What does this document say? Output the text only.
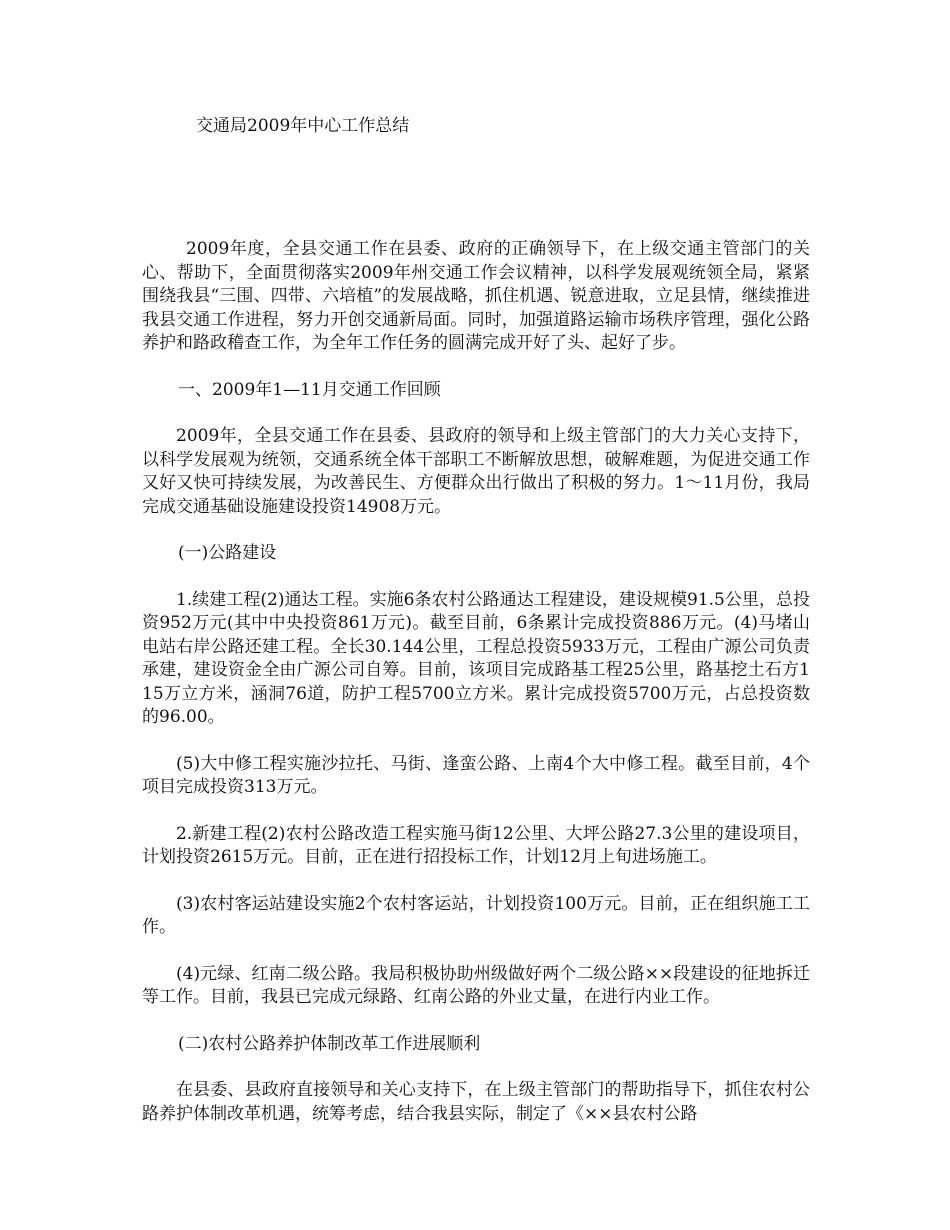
交通局2009年中心工作总结

2009年度，全县交通工作在县委、政府的正确领导下，在上级交通主管部门的关心、帮助下，全面贯彻落实2009年州交通工作会议精神，以科学发展观统领全局，紧紧围绕我县“三围、四带、六培植”的发展战略，抓住机遇、锐意进取，立足县情，继续推进我县交通工作进程，努力开创交通新局面。同时，加强道路运输市场秩序管理，强化公路养护和路政稽查工作，为全年工作任务的圆满完成开好了头、起好了步。

一、2009年1—11月交通工作回顾

2009年，全县交通工作在县委、县政府的领导和上级主管部门的大力关心支持下，以科学发展观为统领，交通系统全体干部职工不断解放思想，破解难题，为促进交通工作又好又快可持续发展，为改善民生、方便群众出行做出了积极的努力。1～11月份，我局完成交通基础设施建设投资14908万元。

(一)公路建设

1.续建工程(2)通达工程。实施6条农村公路通达工程建设，建设规模91.5公里，总投资952万元(其中中央投资861万元)。截至目前，6条累计完成投资886万元。(4)马堵山电站右岸公路还建工程。全长30.144公里，工程总投资5933万元，工程由广源公司负责承建，建设资金全由广源公司自筹。目前，该项目完成路基工程25公里，路基挖土石方115万立方米，涵洞76道，防护工程5700立方米。累计完成投资5700万元，占总投资数的96.00。

(5)大中修工程实施沙拉托、马街、逢蛮公路、上南4个大中修工程。截至目前，4个项目完成投资313万元。

2.新建工程(2)农村公路改造工程实施马街12公里、大坪公路27.3公里的建设项目，计划投资2615万元。目前，正在进行招投标工作，计划12月上旬进场施工。

(3)农村客运站建设实施2个农村客运站，计划投资100万元。目前，正在组织施工工作。

(4)元绿、红南二级公路。我局积极协助州级做好两个二级公路××段建设的征地拆迁等工作。目前，我县已完成元绿路、红南公路的外业丈量，在进行内业工作。

(二)农村公路养护体制改革工作进展顺利

在县委、县政府直接领导和关心支持下，在上级主管部门的帮助指导下，抓住农村公路养护体制改革机遇，统筹考虑，结合我县实际，制定了《××县农村公路
